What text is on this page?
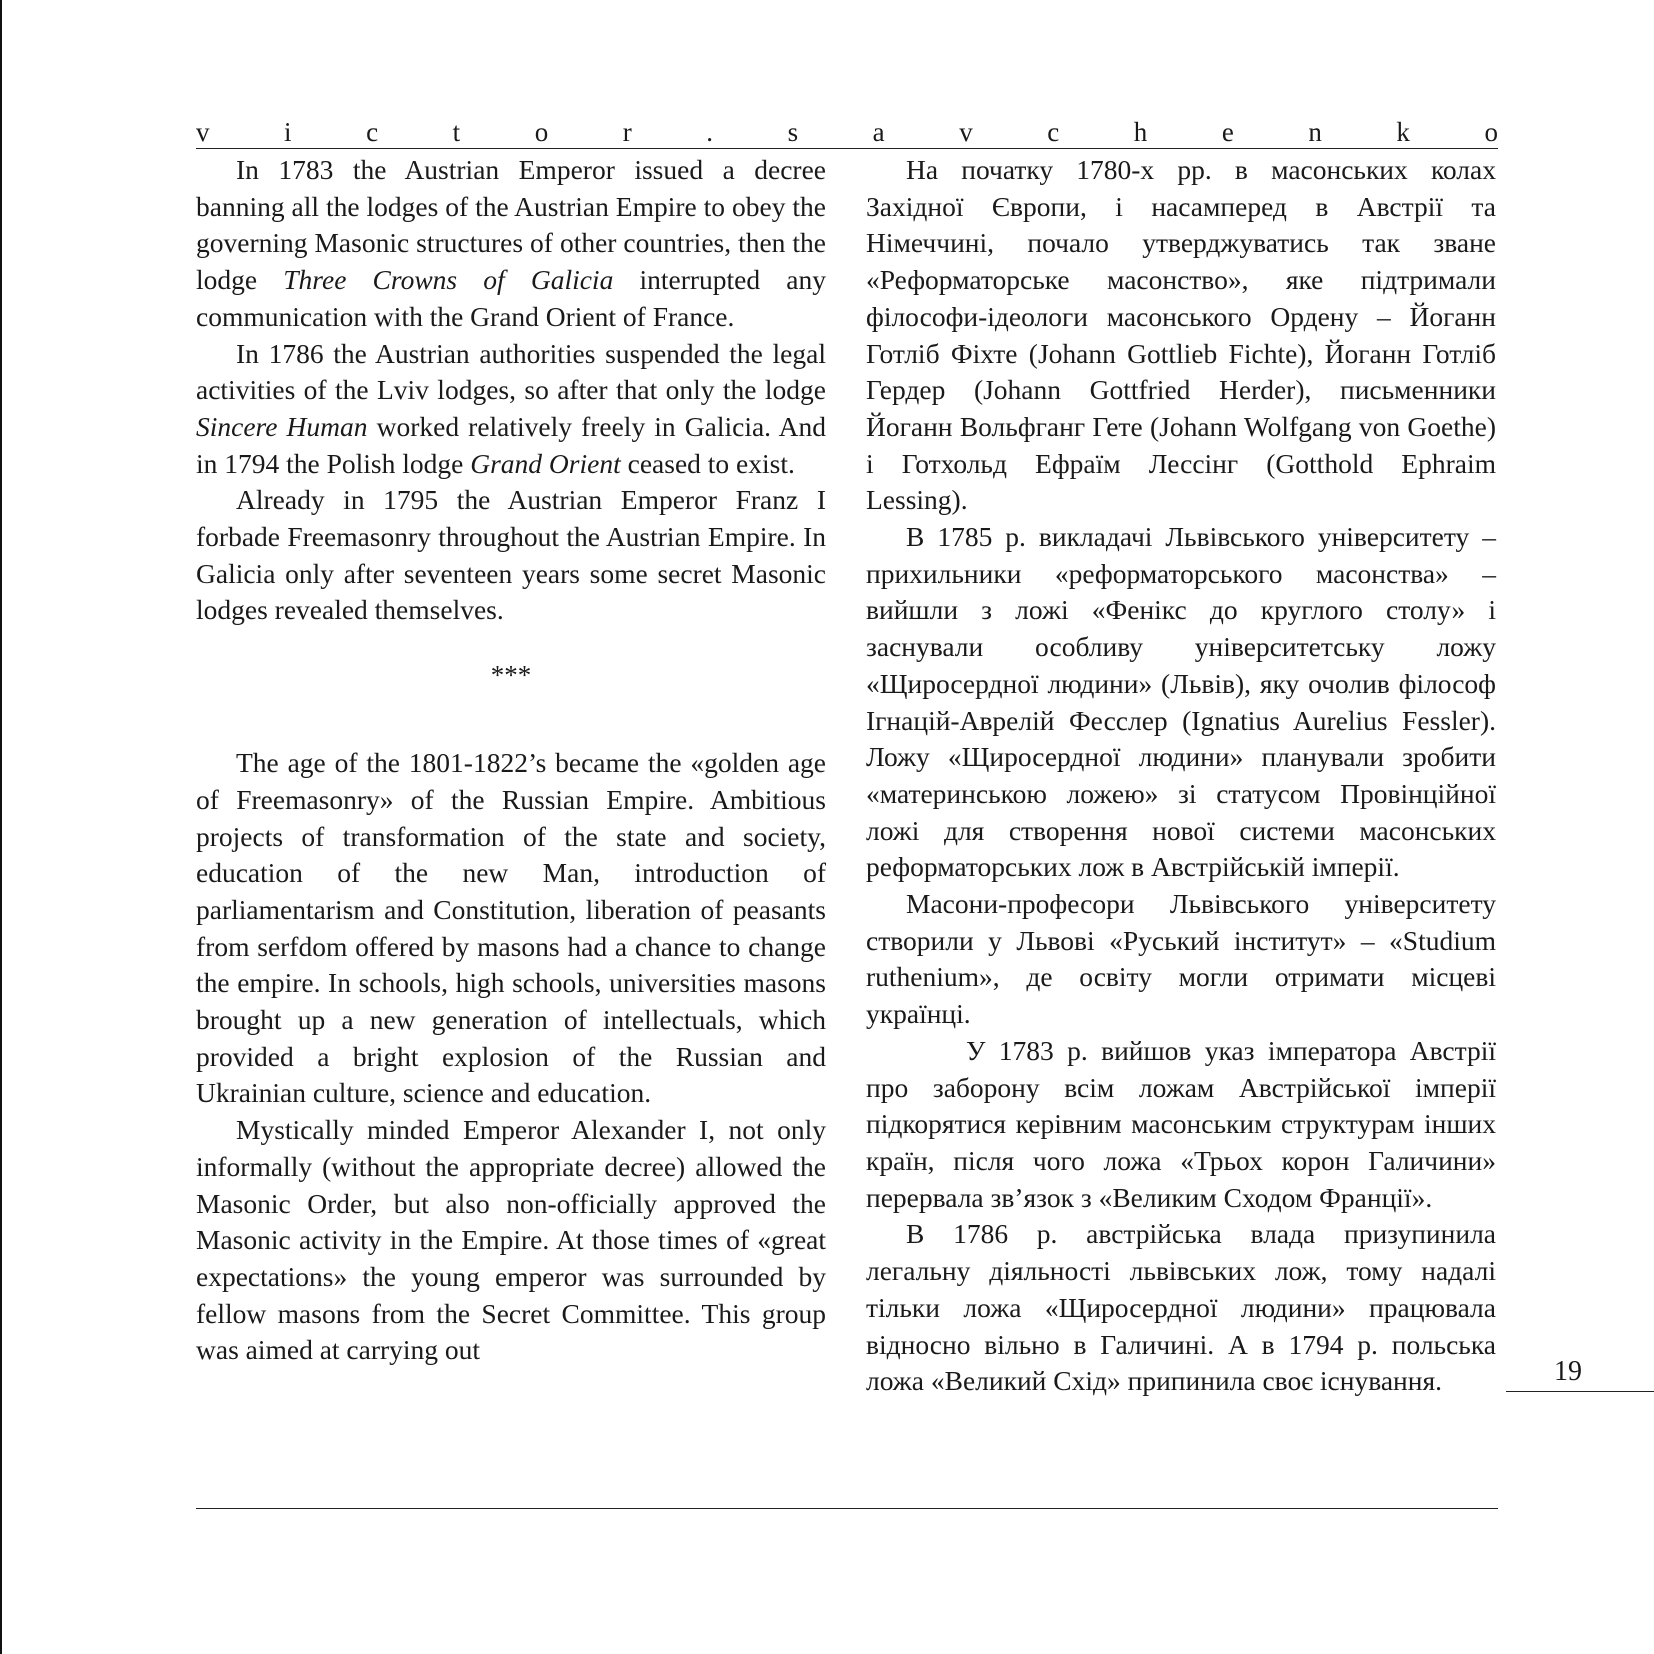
v	i	c	t	o	r	.	s	a	v	c	h	e	n	k	o

In 1783 the Austrian Emperor issued a decree banning all the lodges of the Austrian Empire to obey the governing Masonic structures of other countries, then the lodge Three Crowns of Galicia interrupted any communication with the Grand Orient of France.

In 1786 the Austrian authorities suspended the legal activities of the Lviv lodges, so after that only the lodge Sincere Human worked relatively freely in Galicia. And in 1794 the Polish lodge Grand Orient ceased to exist.

Already in 1795 the Austrian Emperor Franz I forbade Freemasonry throughout the Austrian Empire. In Galicia only after seventeen years some secret Masonic lodges revealed themselves.

***

The age of the 1801-1822’s became the «golden age of Freemasonry» of the Russian Empire. Ambitious projects of transformation of the state and society, education of the new Man, introduction of parliamentarism and Constitution, liberation of peasants from serfdom offered by masons had a chance to change the empire. In schools, high schools, universities masons brought up a new generation of intellectuals, which provided a bright explosion of the Russian and Ukrainian culture, science and education.

Mystically minded Emperor Alexander I, not only informally (without the appropriate decree) allowed the Masonic Order, but also non-officially approved the Masonic activity in the Empire. At those times of «great expectations» the young emperor was surrounded by fellow masons from the Secret Committee. This group was aimed at carrying out

На початку 1780-х рр. в масонських колах Західної Європи, і насамперед в Австрії та Німеччині, почало утверджуватись так зване «Реформаторське масонство», яке підтримали філософи-ідеологи масонського Ордену – Йоганн Готліб Фіхте (Johann Gottlieb Fichte), Йоганн Готліб Гердер (Johann Gottfried Herder), письменники Йоганн Вольфганг Гете (Johann Wolfgang von Goethe) і Готхольд Ефраїм Лессінг (Gotthold Ephraim Lessing).

В 1785 р. викладачі Львівського університету – прихильники «реформаторського масонства» – вийшли з ложі «Фенікс до круглого столу» і заснували особливу університетську ложу «Щиросердної людини» (Львів), яку очолив філософ Ігнацій-Аврелій Фесслер (Ignatius Aurelius Fessler). Ложу «Щиросердної людини» планували зробити «материнською ложею» зі статусом Провінційної ложі для створення нової системи масонських реформаторських лож в Австрійській імперії.

Масони-професори Львівського університету створили у Львові «Руський інститут» – «Studium ruthenium», де освіту могли отримати місцеві українці.

У 1783 р. вийшов указ імператора Австрії про заборону всім ложам Австрійської імперії підкорятися керівним масонським структурам інших країн, після чого ложа «Трьох корон Галичини» перервала зв’язок з «Великим Сходом Франції».

В 1786 р. австрійська влада призупинила легальну діяльності львівських лож, тому надалі тільки ложа «Щиросердної людини» працювала відносно вільно в Галичині. А в 1794 р. польська ложа «Великий Схід» припинила своє існування.	19
